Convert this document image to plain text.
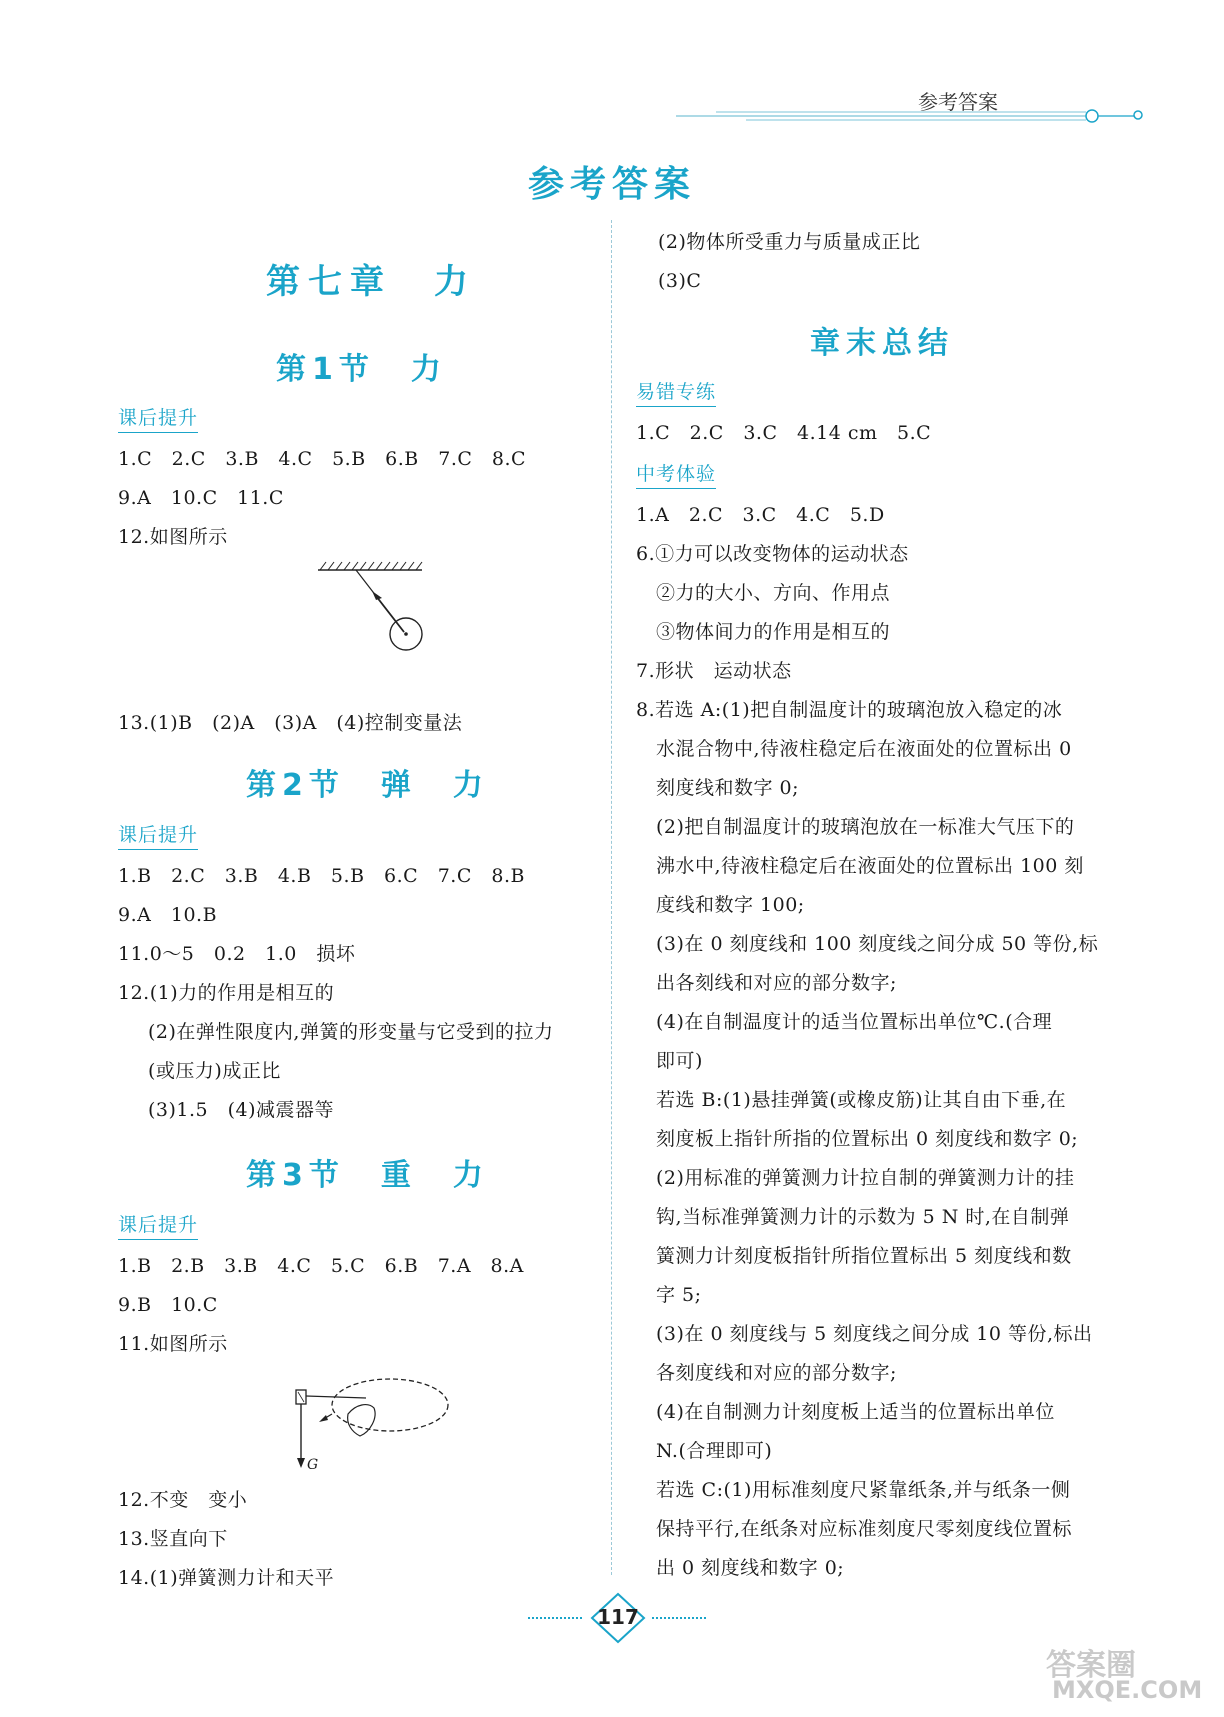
参考答案
参考答案
第七章　力
第1节　力
课后提升
1.C　2.C　3.B　4.C　5.B　6.B　7.C　8.C
9.A　10.C　11.C
12.如图所示
13.(1)B　(2)A　(3)A　(4)控制变量法
第2节　弹　力
课后提升
1.B　2.C　3.B　4.B　5.B　6.C　7.C　8.B
9.A　10.B
11.0～5　0.2　1.0　损坏
12.(1)力的作用是相互的
(2)在弹性限度内,弹簧的形变量与它受到的拉力
(或压力)成正比
(3)1.5　(4)减震器等
第3节　重　力
课后提升
1.B　2.B　3.B　4.C　5.C　6.B　7.A　8.A
9.B　10.C
11.如图所示
G
12.不变　变小
13.竖直向下
14.(1)弹簧测力计和天平
(2)物体所受重力与质量成正比
(3)C
章末总结
易错专练
1.C　2.C　3.C　4.14 cm　5.C
中考体验
1.A　2.C　3.C　4.C　5.D
6.①力可以改变物体的运动状态
②力的大小、方向、作用点
③物体间力的作用是相互的
7.形状　运动状态
8.若选 A:(1)把自制温度计的玻璃泡放入稳定的冰
水混合物中,待液柱稳定后在液面处的位置标出 0
刻度线和数字 0;
(2)把自制温度计的玻璃泡放在一标准大气压下的
沸水中,待液柱稳定后在液面处的位置标出 100 刻
度线和数字 100;
(3)在 0 刻度线和 100 刻度线之间分成 50 等份,标
出各刻线和对应的部分数字;
(4)在自制温度计的适当位置标出单位℃.(合理
即可)
若选 B:(1)悬挂弹簧(或橡皮筋)让其自由下垂,在
刻度板上指针所指的位置标出 0 刻度线和数字 0;
(2)用标准的弹簧测力计拉自制的弹簧测力计的挂
钩,当标准弹簧测力计的示数为 5 N 时,在自制弹
簧测力计刻度板指针所指位置标出 5 刻度线和数
字 5;
(3)在 0 刻度线与 5 刻度线之间分成 10 等份,标出
各刻度线和对应的部分数字;
(4)在自制测力计刻度板上适当的位置标出单位
N.(合理即可)
若选 C:(1)用标准刻度尺紧靠纸条,并与纸条一侧
保持平行,在纸条对应标准刻度尺零刻度线位置标
出 0 刻度线和数字 0;
117
答案圈
MXQE.COM
